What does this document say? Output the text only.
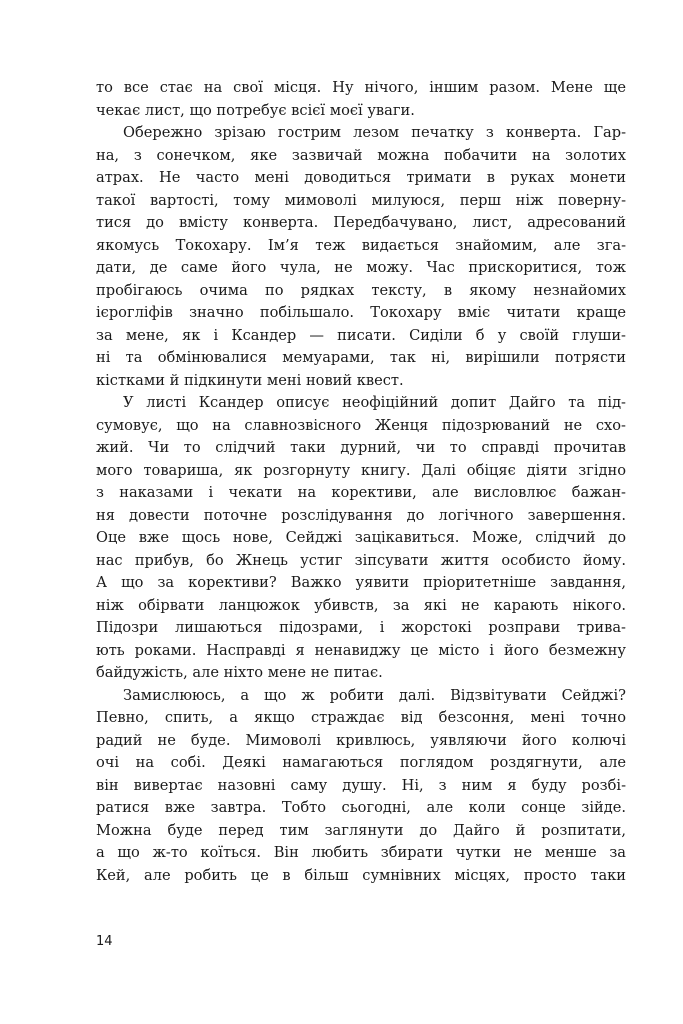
то все стає на свої місця. Ну нічого, іншим разом. Мене ще
чекає лист, що потребує всієї моєї уваги.
Обережно зрізаю гострим лезом печатку з конверта. Гар-
на, з сонечком, яке зазвичай можна побачити на золотих
атрах. Не часто мені доводиться тримати в руках монети
такої вартості, тому мимоволі милуюся, перш ніж поверну-
тися до вмісту конверта. Передбачувано, лист, адресований
якомусь Токохару. Ім’я теж видається знайомим, але зга-
дати, де саме його чула, не можу. Час прискоритися, тож
пробігаюсь очима по рядках тексту, в якому незнайомих
ієрогліфів значно побільшало. Токохару вміє читати краще
за мене, як і Ксандер — писати. Сиділи б у своїй глуши-
ні та обмінювалися мемуарами, так ні, вирішили потрясти
кістками й підкинути мені новий квест.
У листі Ксандер описує неофіційний допит Дайго та під-
сумовує, що на славнозвісного Женця підозрюваний не схо-
жий. Чи то слідчий таки дурний, чи то справді прочитав
мого товариша, як розгорнуту книгу. Далі обіцяє діяти згідно
з наказами і чекати на корективи, але висловлює бажан-
ня довести поточне розслідування до логічного завершення.
Оце вже щось нове, Сейджі зацікавиться. Може, слідчий до
нас прибув, бо Жнець устиг зіпсувати життя особисто йому.
А що за корективи? Важко уявити пріоритетніше завдання,
ніж обірвати ланцюжок убивств, за які не карають нікого.
Підозри лишаються підозрами, і жорстокі розправи трива-
ють роками. Насправді я ненавиджу це місто і його безмежну
байдужість, але ніхто мене не питає.
Замислююсь, а що ж робити далі. Відзвітувати Сейджі?
Певно, спить, а якщо страждає від безсоння, мені точно
радий не буде. Мимоволі кривлюсь, уявляючи його колючі
очі на собі. Деякі намагаються поглядом роздягнути, але
він вивертає назовні саму душу. Ні, з ним я буду розбі-
ратися вже завтра. Тобто сьогодні, але коли сонце зійде.
Можна буде перед тим заглянути до Дайго й розпитати,
а що ж-то коїться. Він любить збирати чутки не менше за
Кей, але робить це в більш сумнівних місцях, просто таки
14
